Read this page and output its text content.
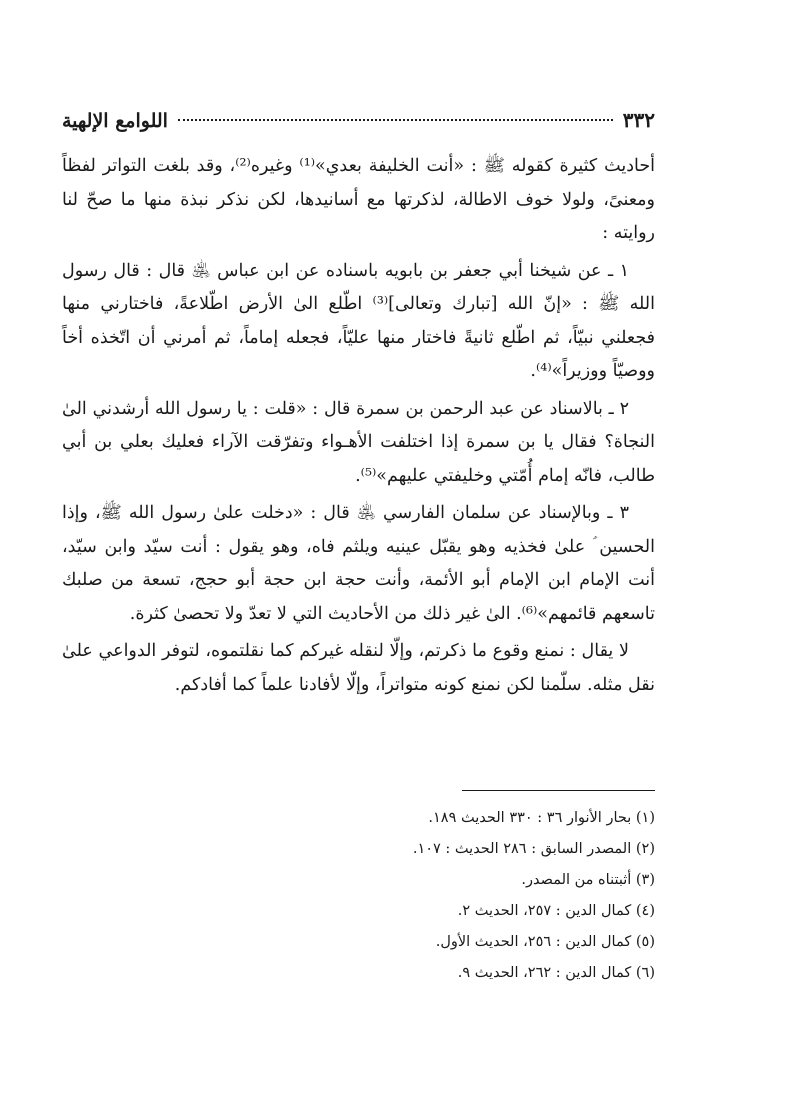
٣٣٢
اللوامع الإلهية

أحاديث كثيرة كقوله ﷺ : «أنت الخليفة بعدي»⁽¹⁾ وغيره⁽²⁾، وقد بلغت التواتر لفظاً ومعنىً، ولولا خوف الاطالة، لذكرتها مع أسانيدها، لكن نذكر نبذة منها ما صحّ لنا روايته :

١ ـ عن شيخنا أبي جعفر بن بابويه باسناده عن ابن عباس ﵁ قال : قال رسول الله ﷺ : «إنّ الله [تبارك وتعالى]⁽³⁾ اطّلع الىٰ الأرض اطّلاعةً، فاختارني منها فجعلني نبيّاً، ثم اطّلع ثانيةً فاختار منها عليّاً، فجعله إماماً، ثم أمرني أن اتّخذه أخاً ووصيّاً ووزيراً»⁽⁴⁾.

٢ ـ بالاسناد عن عبد الرحمن بن سمرة قال : «قلت : يا رسول الله أرشدني الىٰ النجاة؟ فقال يا بن سمرة إذا اختلفت الأهـواء وتفرّقت الآراء فعليك بعلي بن أبي طالب، فانّه إمام أُمّتي وخليفتي عليهم»⁽⁵⁾.

٣ ـ وبالإسناد عن سلمان الفارسي ﵁ قال : «دخلت علىٰ رسول الله ﷺ، وإذا الحسين ؑ علىٰ فخذيه وهو يقبّل عينيه ويلثم فاه، وهو يقول : أنت سيّد وابن سيّد، أنت الإمام ابن الإمام أبو الأئمة، وأنت حجة ابن حجة أبو حجج، تسعة من صلبك تاسعهم قائمهم»⁽⁶⁾. الىٰ غير ذلك من الأحاديث التي لا تعدّ ولا تحصىٰ كثرة.

لا يقال : نمنع وقوع ما ذكرتم، وإلّا لنقله غيركم كما نقلتموه، لتوفر الدواعي علىٰ نقل مثله. سلّمنا لكن نمنع كونه متواتراً، وإلّا لأفادنا علماً كما أفادكم.

(١) بحار الأنوار ٣٦ : ٣٣٠ الحديث ١٨٩.
(٢) المصدر السابق : ٢٨٦ الحديث : ١٠٧.
(٣) أثبتناه من المصدر.
(٤) كمال الدين : ٢٥٧، الحديث ٢.
(٥) كمال الدين : ٢٥٦، الحديث الأول.
(٦) كمال الدين : ٢٦٢، الحديث ٩.
